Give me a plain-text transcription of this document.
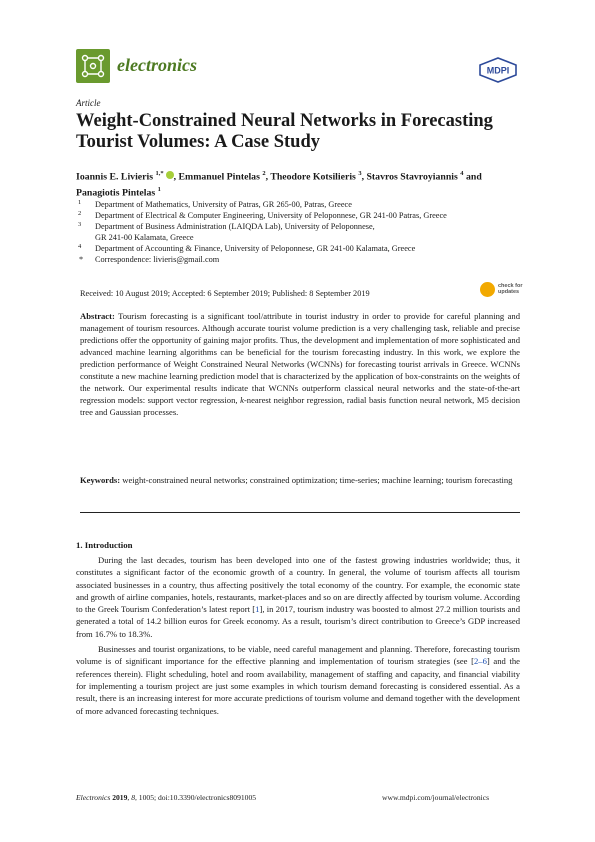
electronics	MDPI
Article
Weight-Constrained Neural Networks in Forecasting Tourist Volumes: A Case Study
Ioannis E. Livieris $^{1,*}$ , Emmanuel Pintelas $^2$, Theodore Kotsilieris $^3$, Stavros Stavroyiannis $^4$ and
Panagiotis Pintelas $^1$
1 Department of Mathematics, University of Patras, GR 265-00, Patras, Greece
2 Department of Electrical & Computer Engineering, University of Peloponnese, GR 241-00 Patras, Greece
3 Department of Business Administration (LAIQDA Lab), University of Peloponnese,
GR 241-00 Kalamata, Greece
4 Department of Accounting & Finance, University of Peloponnese, GR 241-00 Kalamata, Greece
* Correspondence: livieris@gmail.com
Received: 10 August 2019; Accepted: 6 September 2019; Published: 8 September 2019
check for
updates
Abstract: Tourism forecasting is a significant tool/attribute in tourist industry in order to provide for careful planning and management of tourism resources. Although accurate tourist volume prediction is a very challenging task, reliable and precise predictions offer the opportunity of gaining major profits. Thus, the development and implementation of more sophisticated and advanced machine learning algorithms can be beneficial for the tourism forecasting industry. In this work, we explore the prediction performance of Weight Constrained Neural Networks (WCNNs) for forecasting tourist arrivals in Greece. WCNNs constitute a new machine learning prediction model that is characterized by the application of box-constraints on the weights of the network. Our experimental results indicate that WCNNs outperform classical neural networks and the state-of-the-art regression models: support vector regression, k-nearest neighbor regression, radial basis function neural network, M5 decision tree and Gaussian processes.
Keywords: weight-constrained neural networks; constrained optimization; time-series; machine learning; tourism forecasting
1. Introduction

During the last decades, tourism has been developed into one of the fastest growing industries worldwide; thus, it constitutes a significant factor of the economic growth of a country. In general, the volume of tourism affects all tourism associated businesses in a country, thus affecting positively the total economy of the country. For example, the economic state and growth of airline companies, hotels, restaurants, market-places and so on are directly affected by tourism volume. According to the Greek Tourism Confederation’s latest report [1], in 2017, tourism industry was boosted to almost 27.2 million tourists and generated a total of 14.2 billion euros for Greek economy. As a result, tourism’s direct contribution to Greece’s GDP increased from 16.7% to 18.3%.

Businesses and tourist organizations, to be viable, need careful management and planning. Therefore, forecasting tourism volume is of significant importance for the effective planning and implementation of tourism strategies (see [2–6] and the references therein). Flight scheduling, hotel and room availability, management of staffing and capacity, and financial viability for implementing a tourism project are just some examples in which tourism demand forecasting is considered essential. As a result, there is an increasing interest for more accurate predictions of tourism volume and demand together with the development of more advanced forecasting techniques.

Electronics 2019, 8, 1005; doi:10.3390/electronics8091005	www.mdpi.com/journal/electronics
